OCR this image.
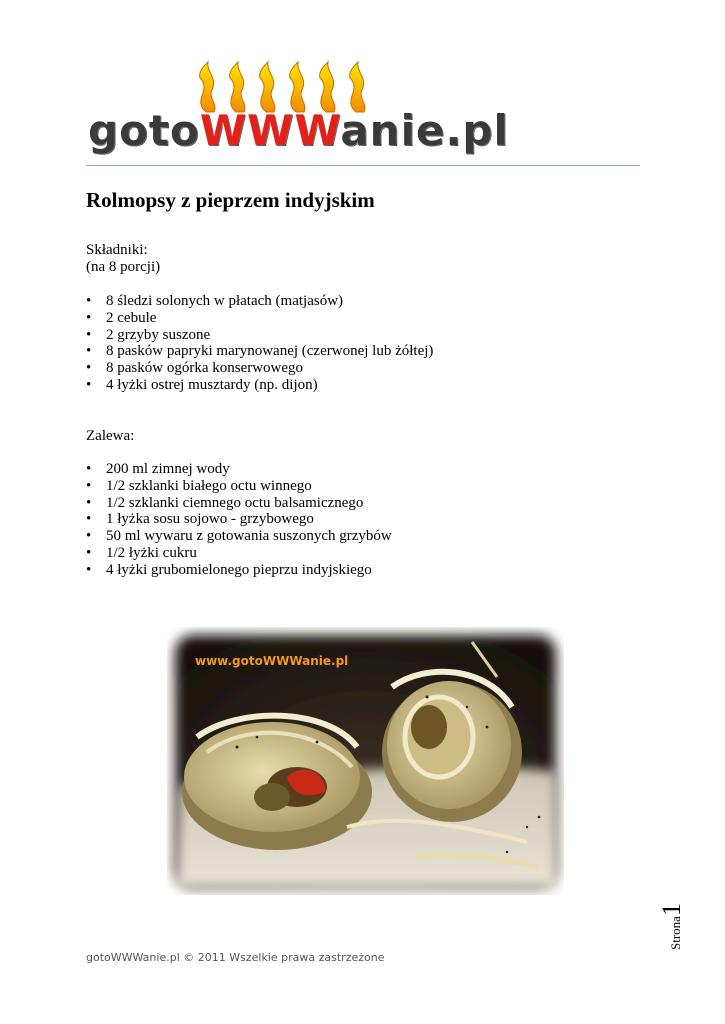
gotoWWWanie.pl
Rolmopsy z pieprzem indyjskim

Składniki:

(na 8 porcji)

• 8 śledzi solonych w płatach (matjasów)
• 2 cebule
• 2 grzyby suszone
• 8 pasków papryki marynowanej (czerwonej lub żółtej)
• 8 pasków ogórka konserwowego
• 4 łyżki ostrej musztardy (np. dijon)

Zalewa:

• 200 ml zimnej wody
• 1/2 szklanki białego octu winnego
• 1/2 szklanki ciemnego octu balsamicznego
• 1 łyżka sosu sojowo - grzybowego
• 50 ml wywaru z gotowania suszonych grzybów
• 1/2 łyżki cukru
• 4 łyżki grubomielonego pieprzu indyjskiego
www.gotoWWWanie.pl
Strona1
gotoWWWanie.pl © 2011 Wszelkie prawa zastrzeżone
